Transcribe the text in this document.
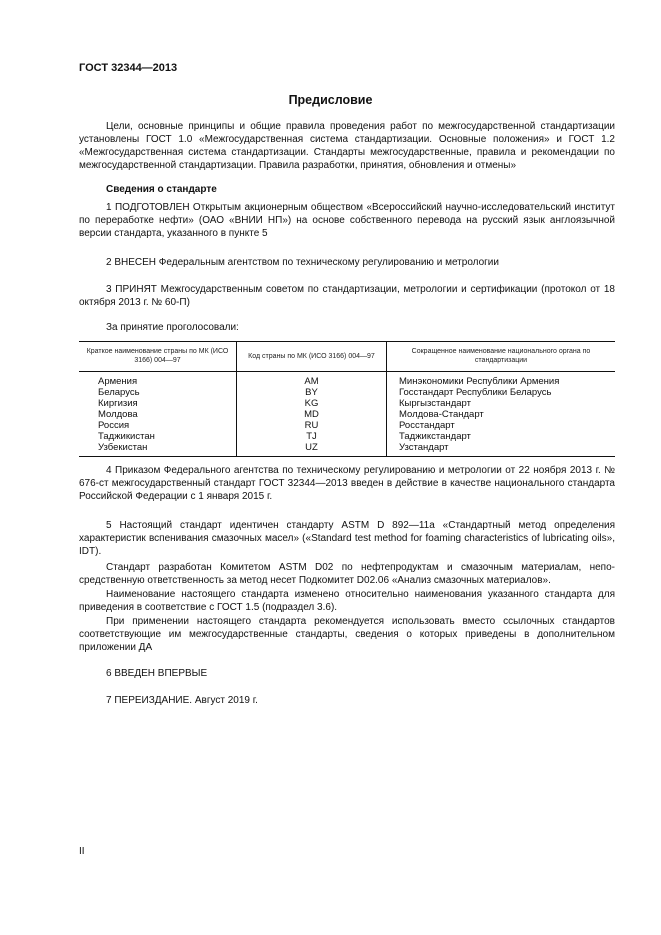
ГОСТ 32344—2013
Предисловие

Цели, основные принципы и общие правила проведения работ по межгосударственной стандартизации установлены ГОСТ 1.0 «Межгосударственная система стандартизации. Основные положения» и ГОСТ 1.2 «Межгосударственная система стандартизации. Стандарты межгосударственные, правила и рекомендации по межгосударственной стандартизации. Правила разработки, принятия, обновления и отмены»

Сведения о стандарте

1 ПОДГОТОВЛЕН Открытым акционерным обществом «Всероссийский научно-исследовательский институт по переработке нефти» (ОАО «ВНИИ НП») на основе собственного перевода на русский язык англоязычной версии стандарта, указанного в пункте 5

2 ВНЕСЕН Федеральным агентством по техническому регулированию и метрологии

3 ПРИНЯТ Межгосударственным советом по стандартизации, метрологии и сертификации (протокол от 18 октября 2013 г. № 60-П)

За принятие проголосовали:
Краткое наименование страны по МК (ИСО 3166) 004—97	Код страны по МК (ИСО 3166) 004—97	Сокращенное наименование национального органа по стандартизации
Армения	AM	Минэкономики Республики Армения
Беларусь	BY	Госстандарт Республики Беларусь
Киргизия	KG	Кыргызстандарт
Молдова	MD	Молдова-Стандарт
Россия	RU	Росстандарт
Таджикистан	TJ	Таджикстандарт
Узбекистан	UZ	Узстандарт

4 Приказом Федерального агентства по техническому регулированию и метрологии от 22 ноября 2013 г. № 676-ст межгосударственный стандарт ГОСТ 32344—2013 введен в действие в качестве национального стандарта Российской Федерации с 1 января 2015 г.

5 Настоящий стандарт идентичен стандарту ASTM D 892—11a «Стандартный метод определения характеристик вспенивания смазочных масел» («Standard test method for foaming characteristics of lubricating oils», IDT).

Стандарт разработан Комитетом ASTM D02 по нефтепродуктам и смазочным материалам, непосредственную ответственность за метод несет Подкомитет D02.06 «Анализ смазочных материалов».

Наименование настоящего стандарта изменено относительно наименования указанного стандарта для приведения в соответствие с ГОСТ 1.5 (подраздел 3.6).

При применении настоящего стандарта рекомендуется использовать вместо ссылочных стандартов соответствующие им межгосударственные стандарты, сведения о которых приведены в дополнительном приложении ДА

6 ВВЕДЕН ВПЕРВЫЕ

7 ПЕРЕИЗДАНИЕ. Август 2019 г.

II
